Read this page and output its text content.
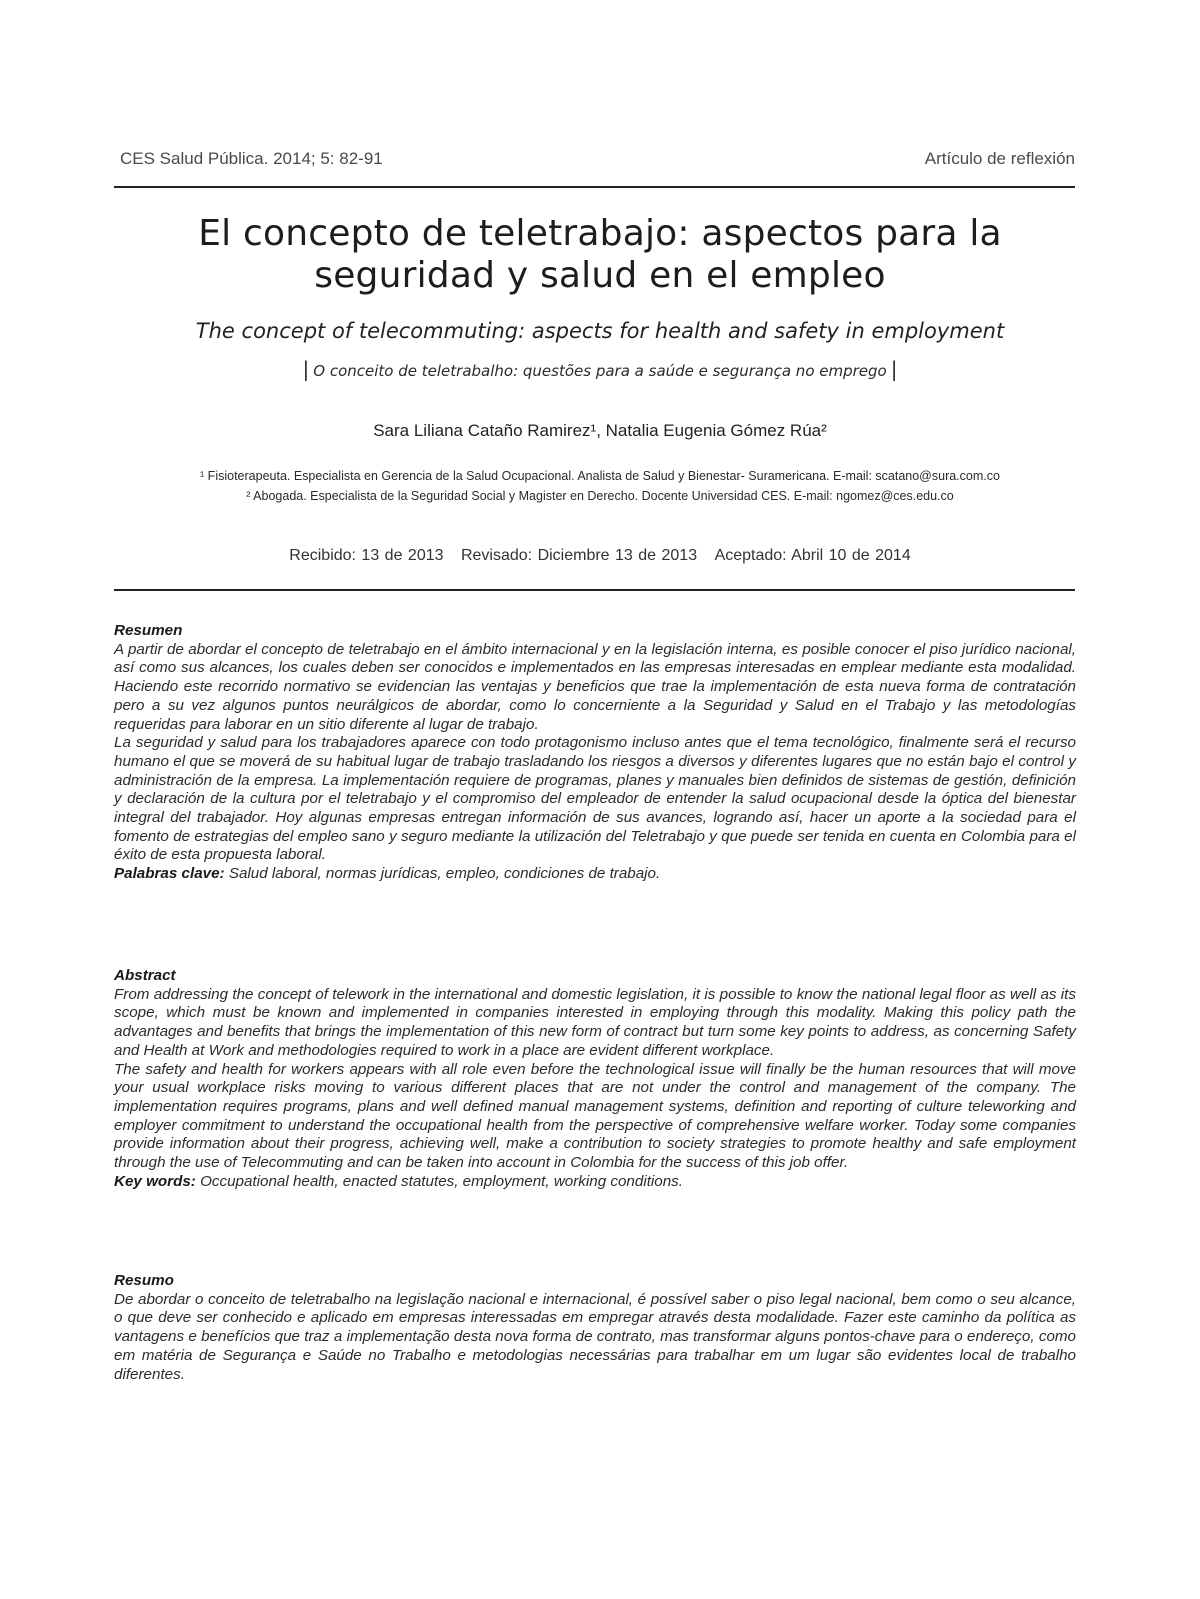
CES Salud Pública. 2014; 5: 82-91	Artículo de reflexión
El concepto de teletrabajo: aspectos para la
seguridad y salud en el empleo
The concept of telecommuting: aspects for health and safety in employment
| O conceito de teletrabalho: questões para a saúde e segurança no emprego |
Sara Liliana Cataño Ramirez¹, Natalia Eugenia Gómez Rúa²
¹ Fisioterapeuta. Especialista en Gerencia de la Salud Ocupacional. Analista de Salud y Bienestar- Suramericana. E-mail: scatano@sura.com.co
² Abogada. Especialista de la Seguridad Social y Magister en Derecho. Docente Universidad CES. E-mail: ngomez@ces.edu.co
Recibido: 13 de 2013 Revisado: Diciembre 13 de 2013 Aceptado: Abril 10 de 2014
Resumen

A partir de abordar el concepto de teletrabajo en el ámbito internacional y en la legislación interna, es posible conocer el piso jurídico nacional, así como sus alcances, los cuales deben ser conocidos e implementados en las empresas interesadas en emplear mediante esta modalidad. Haciendo este recorrido normativo se evidencian las ventajas y beneficios que trae la implementación de esta nueva forma de contratación pero a su vez algunos puntos neurálgicos de abordar, como lo concerniente a la Seguridad y Salud en el Trabajo y las metodologías requeridas para laborar en un sitio diferente al lugar de trabajo.

La seguridad y salud para los trabajadores aparece con todo protagonismo incluso antes que el tema tecnológico, finalmente será el recurso humano el que se moverá de su habitual lugar de trabajo trasladando los riesgos a diversos y diferentes lugares que no están bajo el control y administración de la empresa. La implementación requiere de programas, planes y manuales bien definidos de sistemas de gestión, definición y declaración de la cultura por el teletrabajo y el compromiso del empleador de entender la salud ocupacional desde la óptica del bienestar integral del trabajador. Hoy algunas empresas entregan información de sus avances, logrando así, hacer un aporte a la sociedad para el fomento de estrategias del empleo sano y seguro mediante la utilización del Teletrabajo y que puede ser tenida en cuenta en Colombia para el éxito de esta propuesta laboral.

Palabras clave: Salud laboral, normas jurídicas, empleo, condiciones de trabajo.

Abstract

From addressing the concept of telework in the international and domestic legislation, it is possible to know the national legal floor as well as its scope, which must be known and implemented in companies interested in employing through this modality. Making this policy path the advantages and benefits that brings the implementation of this new form of contract but turn some key points to address, as concerning Safety and Health at Work and methodologies required to work in a place are evident different workplace.

The safety and health for workers appears with all role even before the technological issue will finally be the human resources that will move your usual workplace risks moving to various different places that are not under the control and management of the company. The implementation requires programs, plans and well defined manual management systems, definition and reporting of culture teleworking and employer commitment to understand the occupational health from the perspective of comprehensive welfare worker. Today some companies provide information about their progress, achieving well, make a contribution to society strategies to promote healthy and safe employment through the use of Telecommuting and can be taken into account in Colombia for the success of this job offer.

Key words: Occupational health, enacted statutes, employment, working conditions.

Resumo

De abordar o conceito de teletrabalho na legislação nacional e internacional, é possível saber o piso legal nacional, bem como o seu alcance, o que deve ser conhecido e aplicado em empresas interessadas em empregar através desta modalidade. Fazer este caminho da política as vantagens e benefícios que traz a implementação desta nova forma de contrato, mas transformar alguns pontos-chave para o endereço, como em matéria de Segurança e Saúde no Trabalho e metodologias necessárias para trabalhar em um lugar são evidentes local de trabalho diferentes.
